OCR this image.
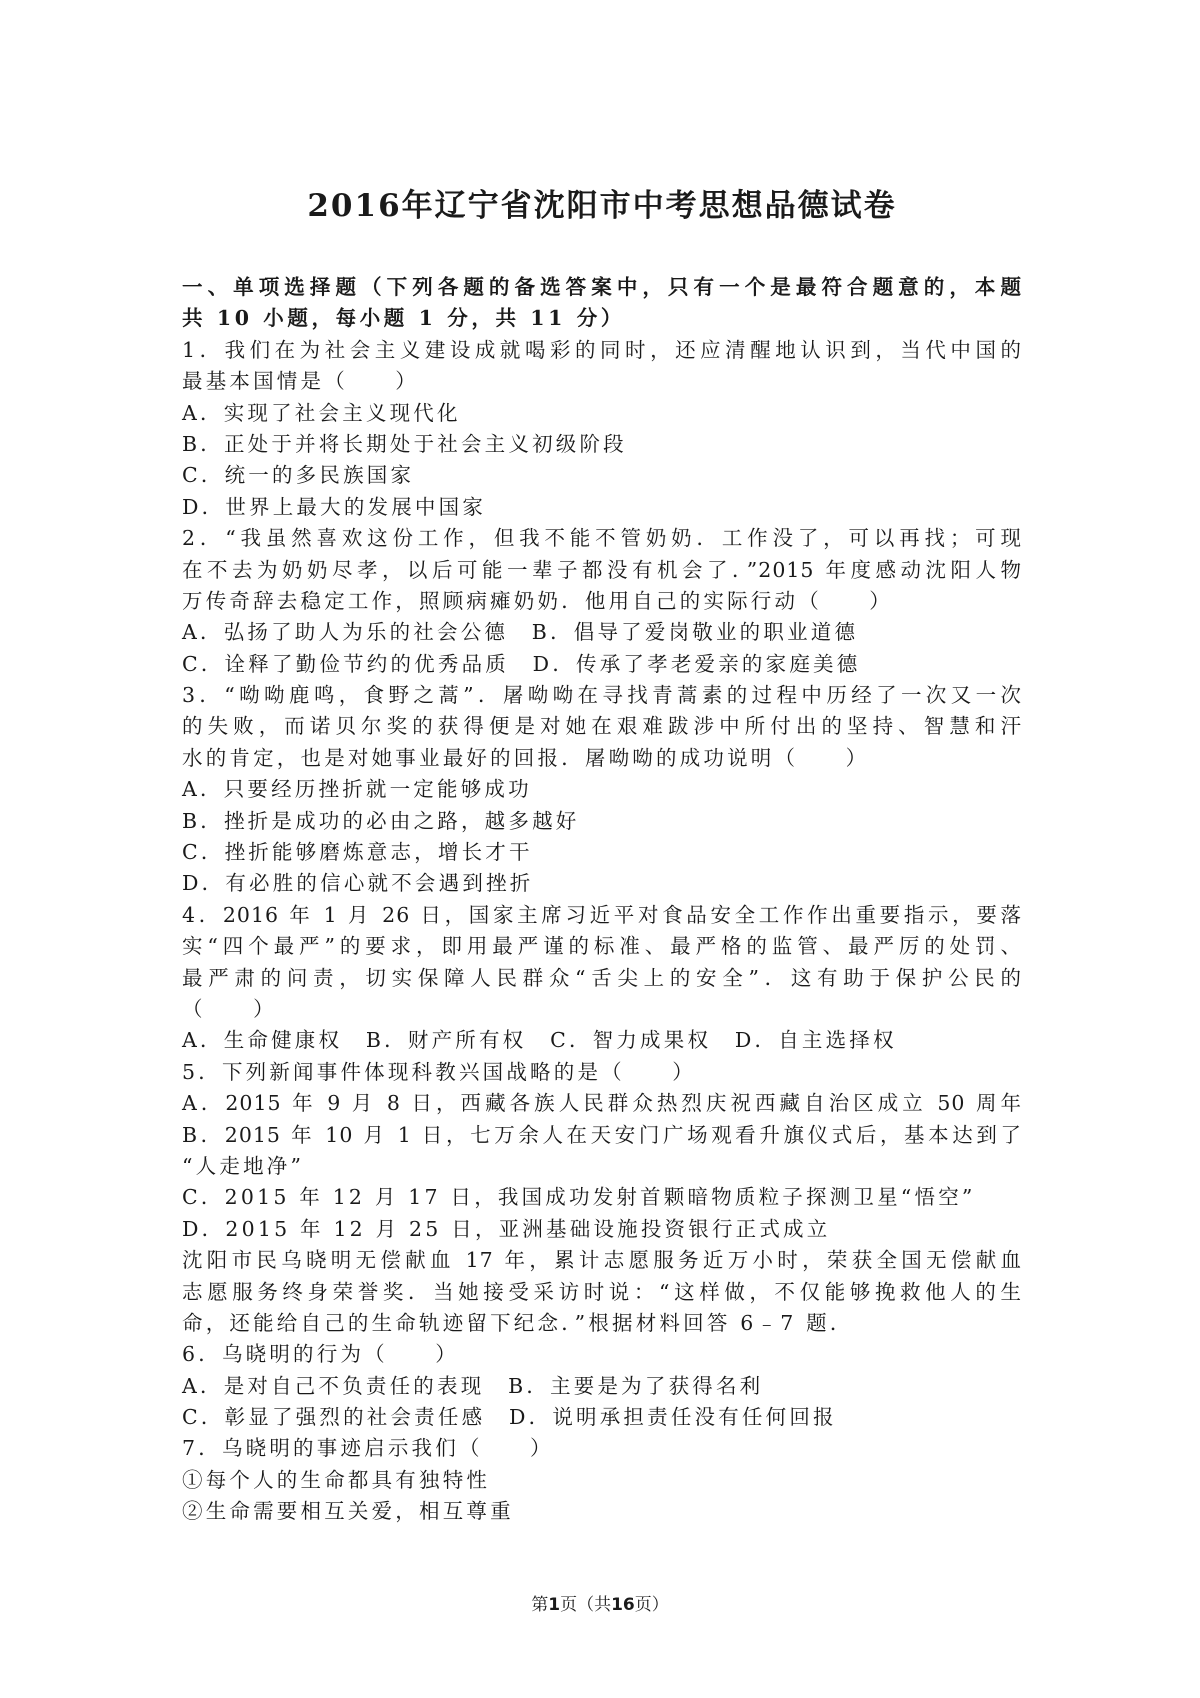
2016年辽宁省沈阳市中考思想品德试卷
一、单项选择题（下列各题的备选答案中，只有一个是最符合题意的，本题
共 10 小题，每小题 1 分，共 11 分）
1．我们在为社会主义建设成就喝彩的同时，还应清醒地认识到，当代中国的
最基本国情是（　　）
A．实现了社会主义现代化
B．正处于并将长期处于社会主义初级阶段
C．统一的多民族国家
D．世界上最大的发展中国家
2．“我虽然喜欢这份工作，但我不能不管奶奶．工作没了，可以再找；可现
在不去为奶奶尽孝，以后可能一辈子都没有机会了．”2015 年度感动沈阳人物
万传奇辞去稳定工作，照顾病瘫奶奶．他用自己的实际行动（　　）
A．弘扬了助人为乐的社会公德　B．倡导了爱岗敬业的职业道德
C．诠释了勤俭节约的优秀品质　D．传承了孝老爱亲的家庭美德
3．“呦呦鹿鸣，食野之蒿”．屠呦呦在寻找青蒿素的过程中历经了一次又一次
的失败，而诺贝尔奖的获得便是对她在艰难跋涉中所付出的坚持、智慧和汗
水的肯定，也是对她事业最好的回报．屠呦呦的成功说明（　　）
A．只要经历挫折就一定能够成功
B．挫折是成功的必由之路，越多越好
C．挫折能够磨炼意志，增长才干
D．有必胜的信心就不会遇到挫折
4．2016 年 1 月 26 日，国家主席习近平对食品安全工作作出重要指示，要落
实“四个最严”的要求，即用最严谨的标准、最严格的监管、最严厉的处罚、
最严肃的问责，切实保障人民群众“舌尖上的安全”．这有助于保护公民的
（　　）
A．生命健康权　B．财产所有权　C．智力成果权　D．自主选择权
5．下列新闻事件体现科教兴国战略的是（　　）
A．2015 年 9 月 8 日，西藏各族人民群众热烈庆祝西藏自治区成立 50 周年
B．2015 年 10 月 1 日，七万余人在天安门广场观看升旗仪式后，基本达到了
“人走地净”
C．2015 年 12 月 17 日，我国成功发射首颗暗物质粒子探测卫星“悟空”
D．2015 年 12 月 25 日，亚洲基础设施投资银行正式成立
沈阳市民乌晓明无偿献血 17 年，累计志愿服务近万小时，荣获全国无偿献血
志愿服务终身荣誉奖．当她接受采访时说：“这样做，不仅能够挽救他人的生
命，还能给自己的生命轨迹留下纪念．”根据材料回答 6﹣7 题．
6．乌晓明的行为（　　）
A．是对自己不负责任的表现　B．主要是为了获得名利
C．彰显了强烈的社会责任感　D．说明承担责任没有任何回报
7．乌晓明的事迹启示我们（　　）
①每个人的生命都具有独特性
②生命需要相互关爱，相互尊重
第1页（共16页）
